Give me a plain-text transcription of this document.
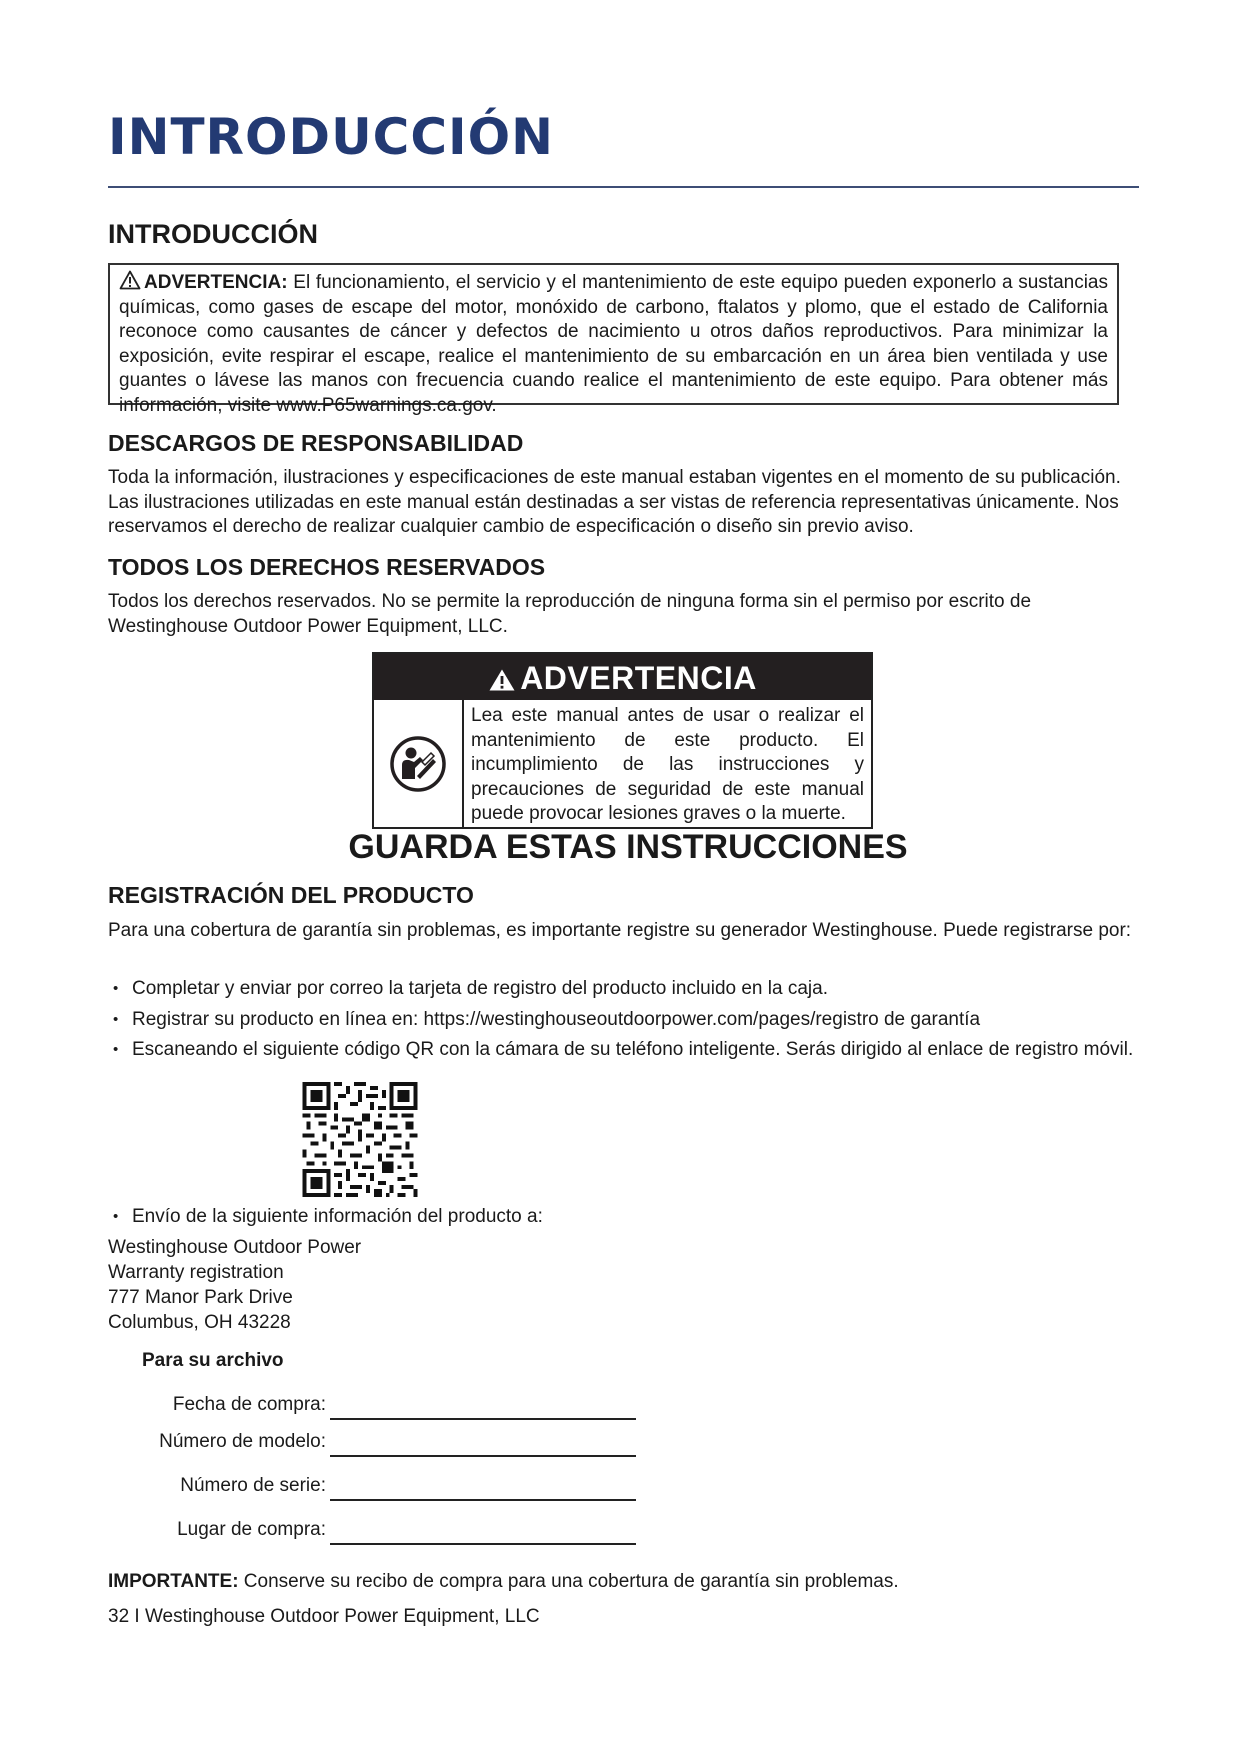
INTRODUCCIÓN
INTRODUCCIÓN
ADVERTENCIA: El funcionamiento, el servicio y el mantenimiento de este equipo pueden exponerlo a sustancias químicas, como gases de escape del motor, monóxido de carbono, ftalatos y plomo, que el estado de California reconoce como causantes de cáncer y defectos de nacimiento u otros daños reproductivos. Para minimizar la exposición, evite respirar el escape, realice el mantenimiento de su embarcación en un área bien ventilada y use guantes o lávese las manos con frecuencia cuando realice el mantenimiento de este equipo. Para obtener más información, visite www.P65warnings.ca.gov.
DESCARGOS DE RESPONSABILIDAD

Toda la información, ilustraciones y especificaciones de este manual estaban vigentes en el momento de su publicación. Las ilustraciones utilizadas en este manual están destinadas a ser vistas de referencia representativas únicamente. Nos reservamos el derecho de realizar cualquier cambio de especificación o diseño sin previo aviso.

TODOS LOS DERECHOS RESERVADOS

Todos los derechos reservados. No se permite la reproducción de ninguna forma sin el permiso por escrito de Westinghouse Outdoor Power Equipment, LLC.

ADVERTENCIA
Lea este manual antes de usar o realizar el mantenimiento de este producto. El incumplimiento de las instrucciones y precauciones de seguridad de este manual puede provocar lesiones graves o la muerte.
GUARDA ESTAS INSTRUCCIONES
REGISTRACIÓN DEL PRODUCTO

Para una cobertura de garantía sin problemas, es importante registre su generador Westinghouse. Puede registrarse por:

• Completar y enviar por correo la tarjeta de registro del producto incluido en la caja.
• Registrar su producto en línea en: https://westinghouseoutdoorpower.com/pages/registro de garantía
• Escaneando el siguiente código QR con la cámara de su teléfono inteligente. Serás dirigido al enlace de registro móvil.
• Envío de la siguiente información del producto a:
Westinghouse Outdoor Power
Warranty registration
777 Manor Park Drive
Columbus, OH 43228
Para su archivo
Fecha de compra:
Número de modelo:
Número de serie:
Lugar de compra:
IMPORTANTE: Conserve su recibo de compra para una cobertura de garantía sin problemas.
32 I Westinghouse Outdoor Power Equipment, LLC
